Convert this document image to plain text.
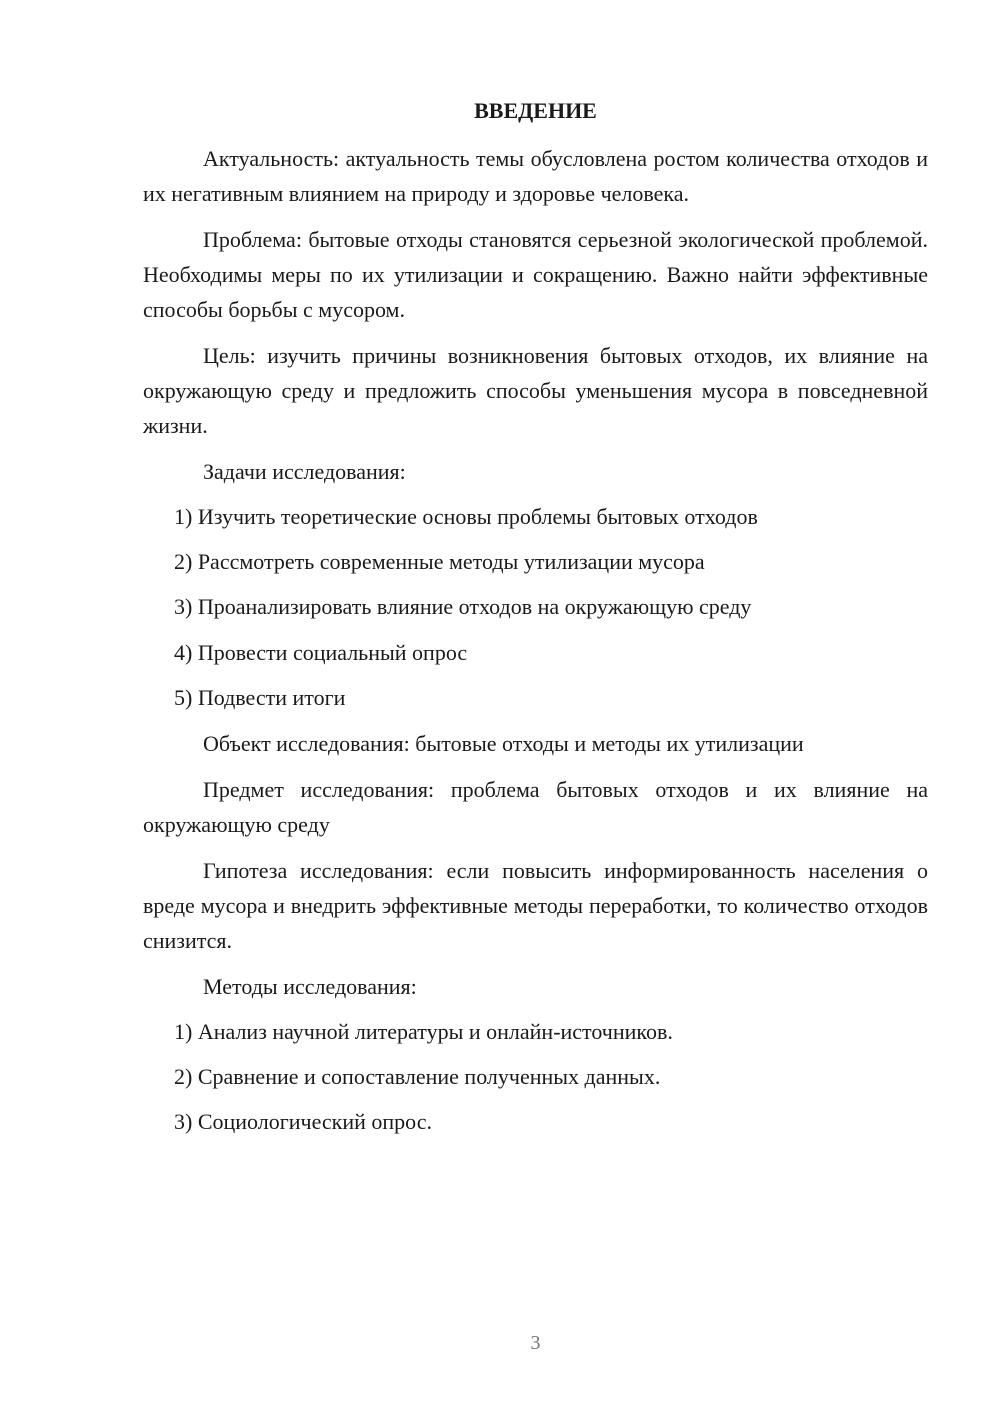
ВВЕДЕНИЕ

Актуальность: актуальность темы обусловлена ростом количества отходов и их негативным влиянием на природу и здоровье человека.

Проблема: бытовые отходы становятся серьезной экологической проблемой. Необходимы меры по их утилизации и сокращению. Важно найти эффективные способы борьбы с мусором.

Цель: изучить причины возникновения бытовых отходов, их влияние на окружающую среду и предложить способы уменьшения мусора в повседневной жизни.

Задачи исследования:

1) Изучить теоретические основы проблемы бытовых отходов

2) Рассмотреть современные методы утилизации мусора

3) Проанализировать влияние отходов на окружающую среду

4) Провести социальный опрос

5) Подвести итоги

Объект исследования: бытовые отходы и методы их утилизации

Предмет исследования: проблема бытовых отходов и их влияние на окружающую среду

Гипотеза исследования: если повысить информированность населения о вреде мусора и внедрить эффективные методы переработки, то количество отходов снизится.

Методы исследования:

1) Анализ научной литературы и онлайн-источников.

2) Сравнение и сопоставление полученных данных.

3) Социологический опрос.

3
